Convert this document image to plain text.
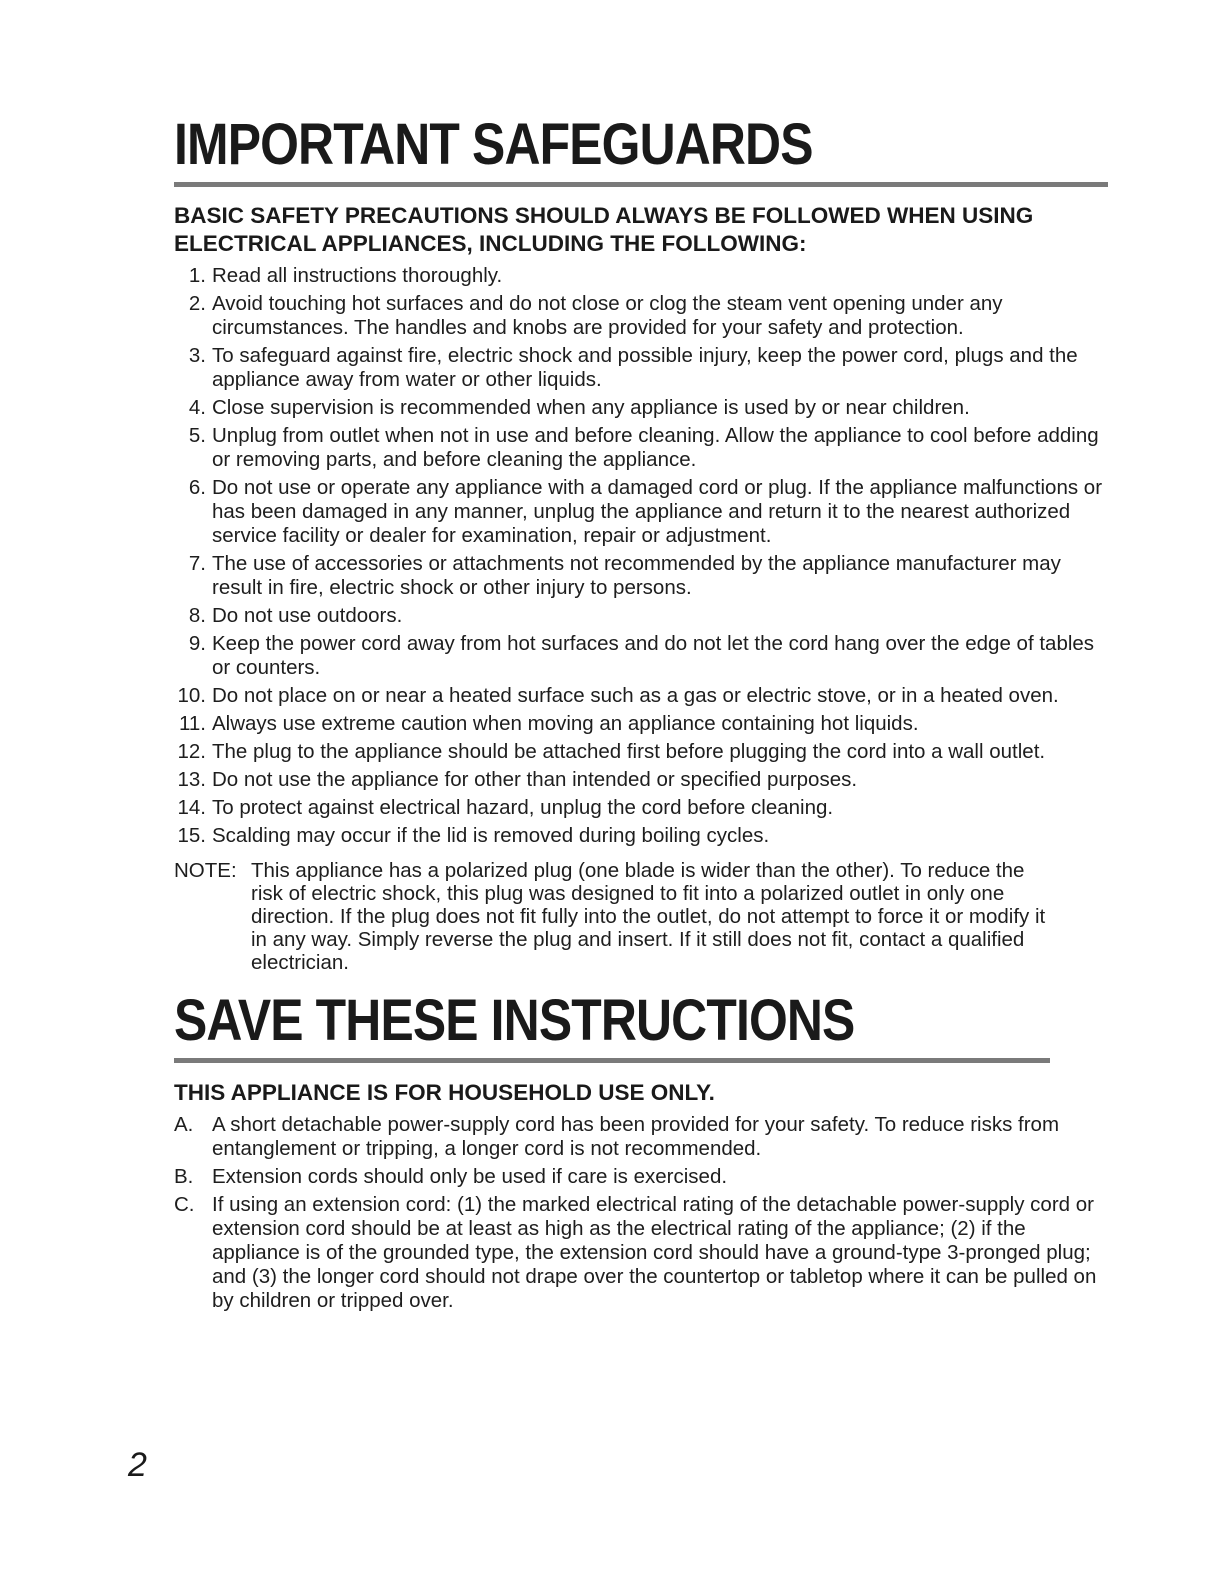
IMPORTANT SAFEGUARDS
BASIC SAFETY PRECAUTIONS SHOULD ALWAYS BE FOLLOWED WHEN USING ELECTRICAL APPLIANCES, INCLUDING THE FOLLOWING:
1. Read all instructions thoroughly.
2. Avoid touching hot surfaces and do not close or clog the steam vent opening under any circumstances. The handles and knobs are provided for your safety and protection.
3. To safeguard against fire, electric shock and possible injury, keep the power cord, plugs and the appliance away from water or other liquids.
4. Close supervision is recommended when any appliance is used by or near children.
5. Unplug from outlet when not in use and before cleaning. Allow the appliance to cool before adding or removing parts, and before cleaning the appliance.
6. Do not use or operate any appliance with a damaged cord or plug. If the appliance malfunctions or has been damaged in any manner, unplug the appliance and return it to the nearest authorized service facility or dealer for examination, repair or adjustment.
7. The use of accessories or attachments not recommended by the appliance manufacturer may result in fire, electric shock or other injury to persons.
8. Do not use outdoors.
9. Keep the power cord away from hot surfaces and do not let the cord hang over the edge of tables or counters.
10. Do not place on or near a heated surface such as a gas or electric stove, or in a heated oven.
11. Always use extreme caution when moving an appliance containing hot liquids.
12. The plug to the appliance should be attached first before plugging the cord into a wall outlet.
13. Do not use the appliance for other than intended or specified purposes.
14. To protect against electrical hazard, unplug the cord before cleaning.
15. Scalding may occur if the lid is removed during boiling cycles.
NOTE: This appliance has a polarized plug (one blade is wider than the other). To reduce the risk of electric shock, this plug was designed to fit into a polarized outlet in only one direction. If the plug does not fit fully into the outlet, do not attempt to force it or modify it in any way. Simply reverse the plug and insert. If it still does not fit, contact a qualified electrician.
SAVE THESE INSTRUCTIONS
THIS APPLIANCE IS FOR HOUSEHOLD USE ONLY.
A. A short detachable power-supply cord has been provided for your safety. To reduce risks from entanglement or tripping, a longer cord is not recommended.
B. Extension cords should only be used if care is exercised.
C. If using an extension cord: (1) the marked electrical rating of the detachable power-supply cord or extension cord should be at least as high as the electrical rating of the appliance; (2) if the appliance is of the grounded type, the extension cord should have a ground-type 3-pronged plug; and (3) the longer cord should not drape over the countertop or tabletop where it can be pulled on by children or tripped over.
2
